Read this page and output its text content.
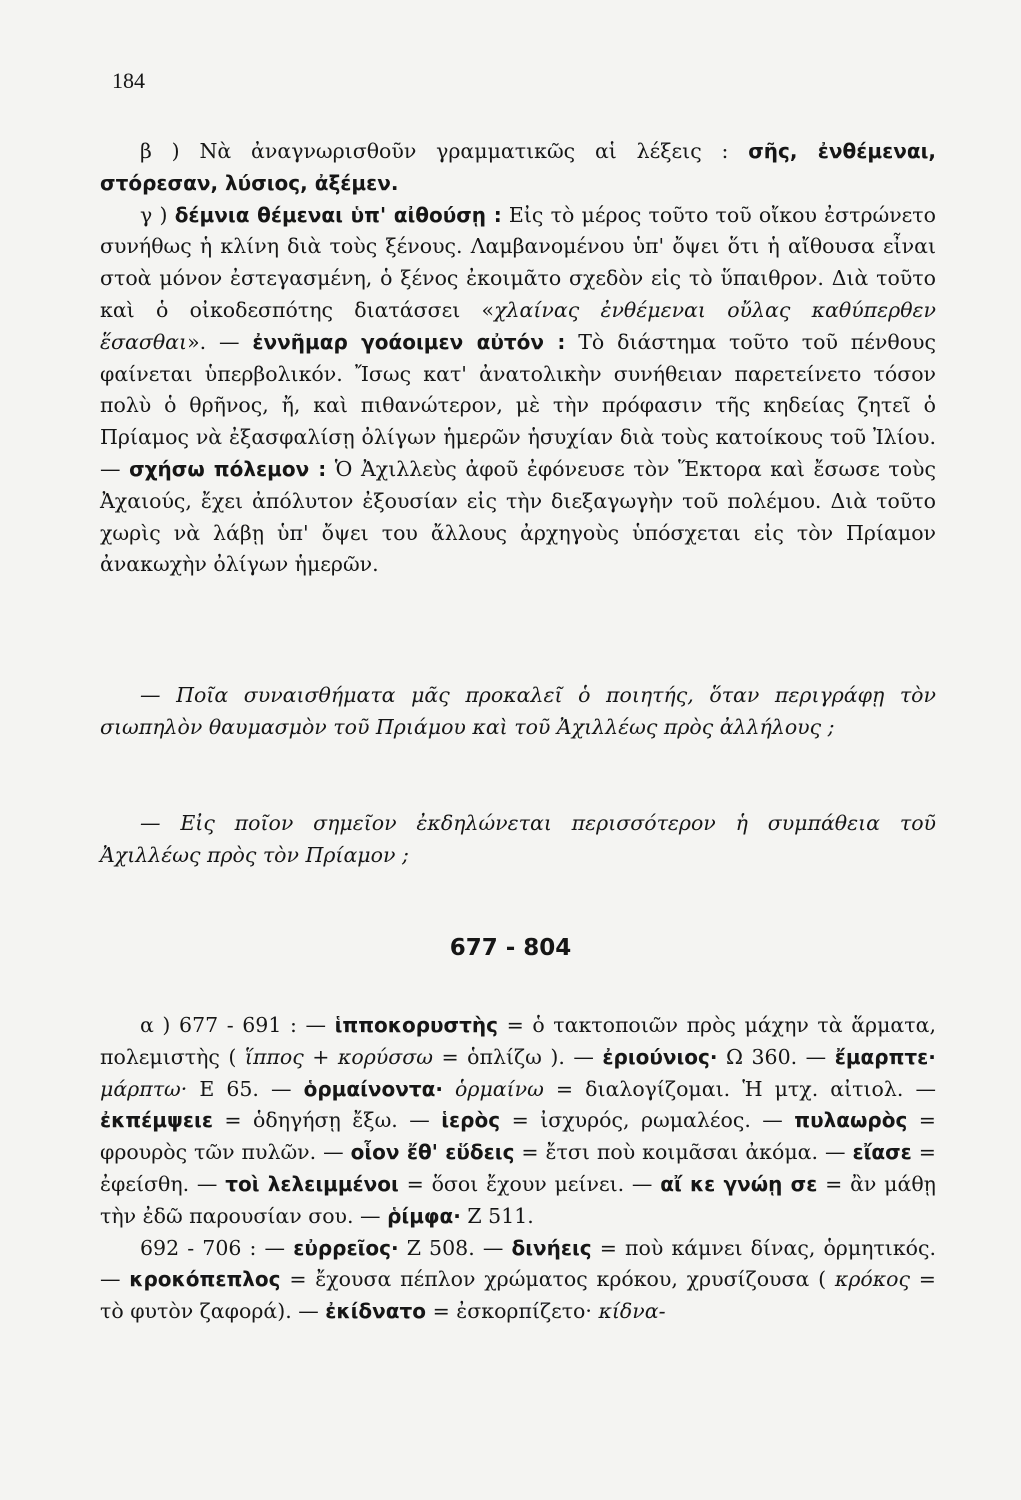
184

β ) Νὰ ἀναγνωρισθοῦν γραμματικῶς αἱ λέξεις : σῆς, ἐνθέμεναι, στόρεσαν, λύσιος, ἀξέμεν.

γ ) δέμνια θέμεναι ὑπ' αἰθούσῃ : Εἰς τὸ μέρος τοῦτο τοῦ οἴκου ἐστρώνετο συνήθως ἡ κλίνη διὰ τοὺς ξένους. Λαμβανομένου ὑπ' ὄψει ὅτι ἡ αἴθουσα εἶναι στοὰ μόνον ἐστεγασμένη, ὁ ξένος ἐκοιμᾶτο σχεδὸν εἰς τὸ ὕπαιθρον. Διὰ τοῦτο καὶ ὁ οἰκοδεσπότης διατάσσει «χλαίνας ἐνθέμεναι οὔλας καθύπερθεν ἕσασθαι». — ἐννῆμαρ γοάοιμεν αὐτόν : Τὸ διάστημα τοῦτο τοῦ πένθους φαίνεται ὑπερβολικόν. Ἴσως κατ' ἀνατολικὴν συνήθειαν παρετείνετο τόσον πολὺ ὁ θρῆνος, ἤ, καὶ πιθανώτερον, μὲ τὴν πρόφασιν τῆς κηδείας ζητεῖ ὁ Πρίαμος νὰ ἐξασφαλίσῃ ὀλίγων ἡμερῶν ἡσυχίαν διὰ τοὺς κατοίκους τοῦ Ἰλίου. — σχήσω πόλεμον : Ὁ Ἀχιλλεὺς ἀφοῦ ἐφόνευσε τὸν Ἕκτορα καὶ ἔσωσε τοὺς Ἀχαιούς, ἔχει ἀπόλυτον ἐξουσίαν εἰς τὴν διεξαγωγὴν τοῦ πολέμου. Διὰ τοῦτο χωρὶς νὰ λάβῃ ὑπ' ὄψει του ἄλλους ἀρχηγοὺς ὑπόσχεται εἰς τὸν Πρίαμον ἀνακωχὴν ὀλίγων ἡμερῶν.

— Ποῖα συναισθήματα μᾶς προκαλεῖ ὁ ποιητής, ὅταν περιγράφῃ τὸν σιωπηλὸν θαυμασμὸν τοῦ Πριάμου καὶ τοῦ Ἀχιλλέως πρὸς ἀλλήλους ;

— Εἰς ποῖον σημεῖον ἐκδηλώνεται περισσότερον ἡ συμπάθεια τοῦ Ἀχιλλέως πρὸς τὸν Πρίαμον ;

677 - 804

α ) 677 - 691 : — ἱπποκορυστὴς = ὁ τακτοποιῶν πρὸς μάχην τὰ ἅρματα, πολεμιστὴς ( ἵππος + κορύσσω = ὁπλίζω ). — ἐριούνιος· Ω 360. — ἔμαρπτε· μάρπτω· Ε 65. — ὁρμαίνοντα· ὁρμαίνω = διαλογίζομαι. Ἡ μτχ. αἰτιολ. — ἐκπέμψειε = ὁδηγήσῃ ἔξω. — ἱερὸς = ἰσχυρός, ρωμαλέος. — πυλαωρὸς = φρουρὸς τῶν πυλῶν. — οἷον ἔθ' εὕδεις = ἔτσι ποὺ κοιμᾶσαι ἀκόμα. — εἴασε = ἐφείσθη. — τοὶ λελειμμένοι = ὅσοι ἔχουν μείνει. — αἴ κε γνώῃ σε = ἂν μάθῃ τὴν ἐδῶ παρουσίαν σου. — ῥίμφα· Ζ 511.

692 - 706 : — εὐρρεῖος· Ζ 508. — δινήεις = ποὺ κάμνει δίνας, ὁρμητικός. — κροκόπεπλος = ἔχουσα πέπλον χρώματος κρόκου, χρυσίζουσα ( κρόκος = τὸ φυτὸν ζαφορά). — ἐκίδνατο = ἐσκορπίζετο· κίδνα-
